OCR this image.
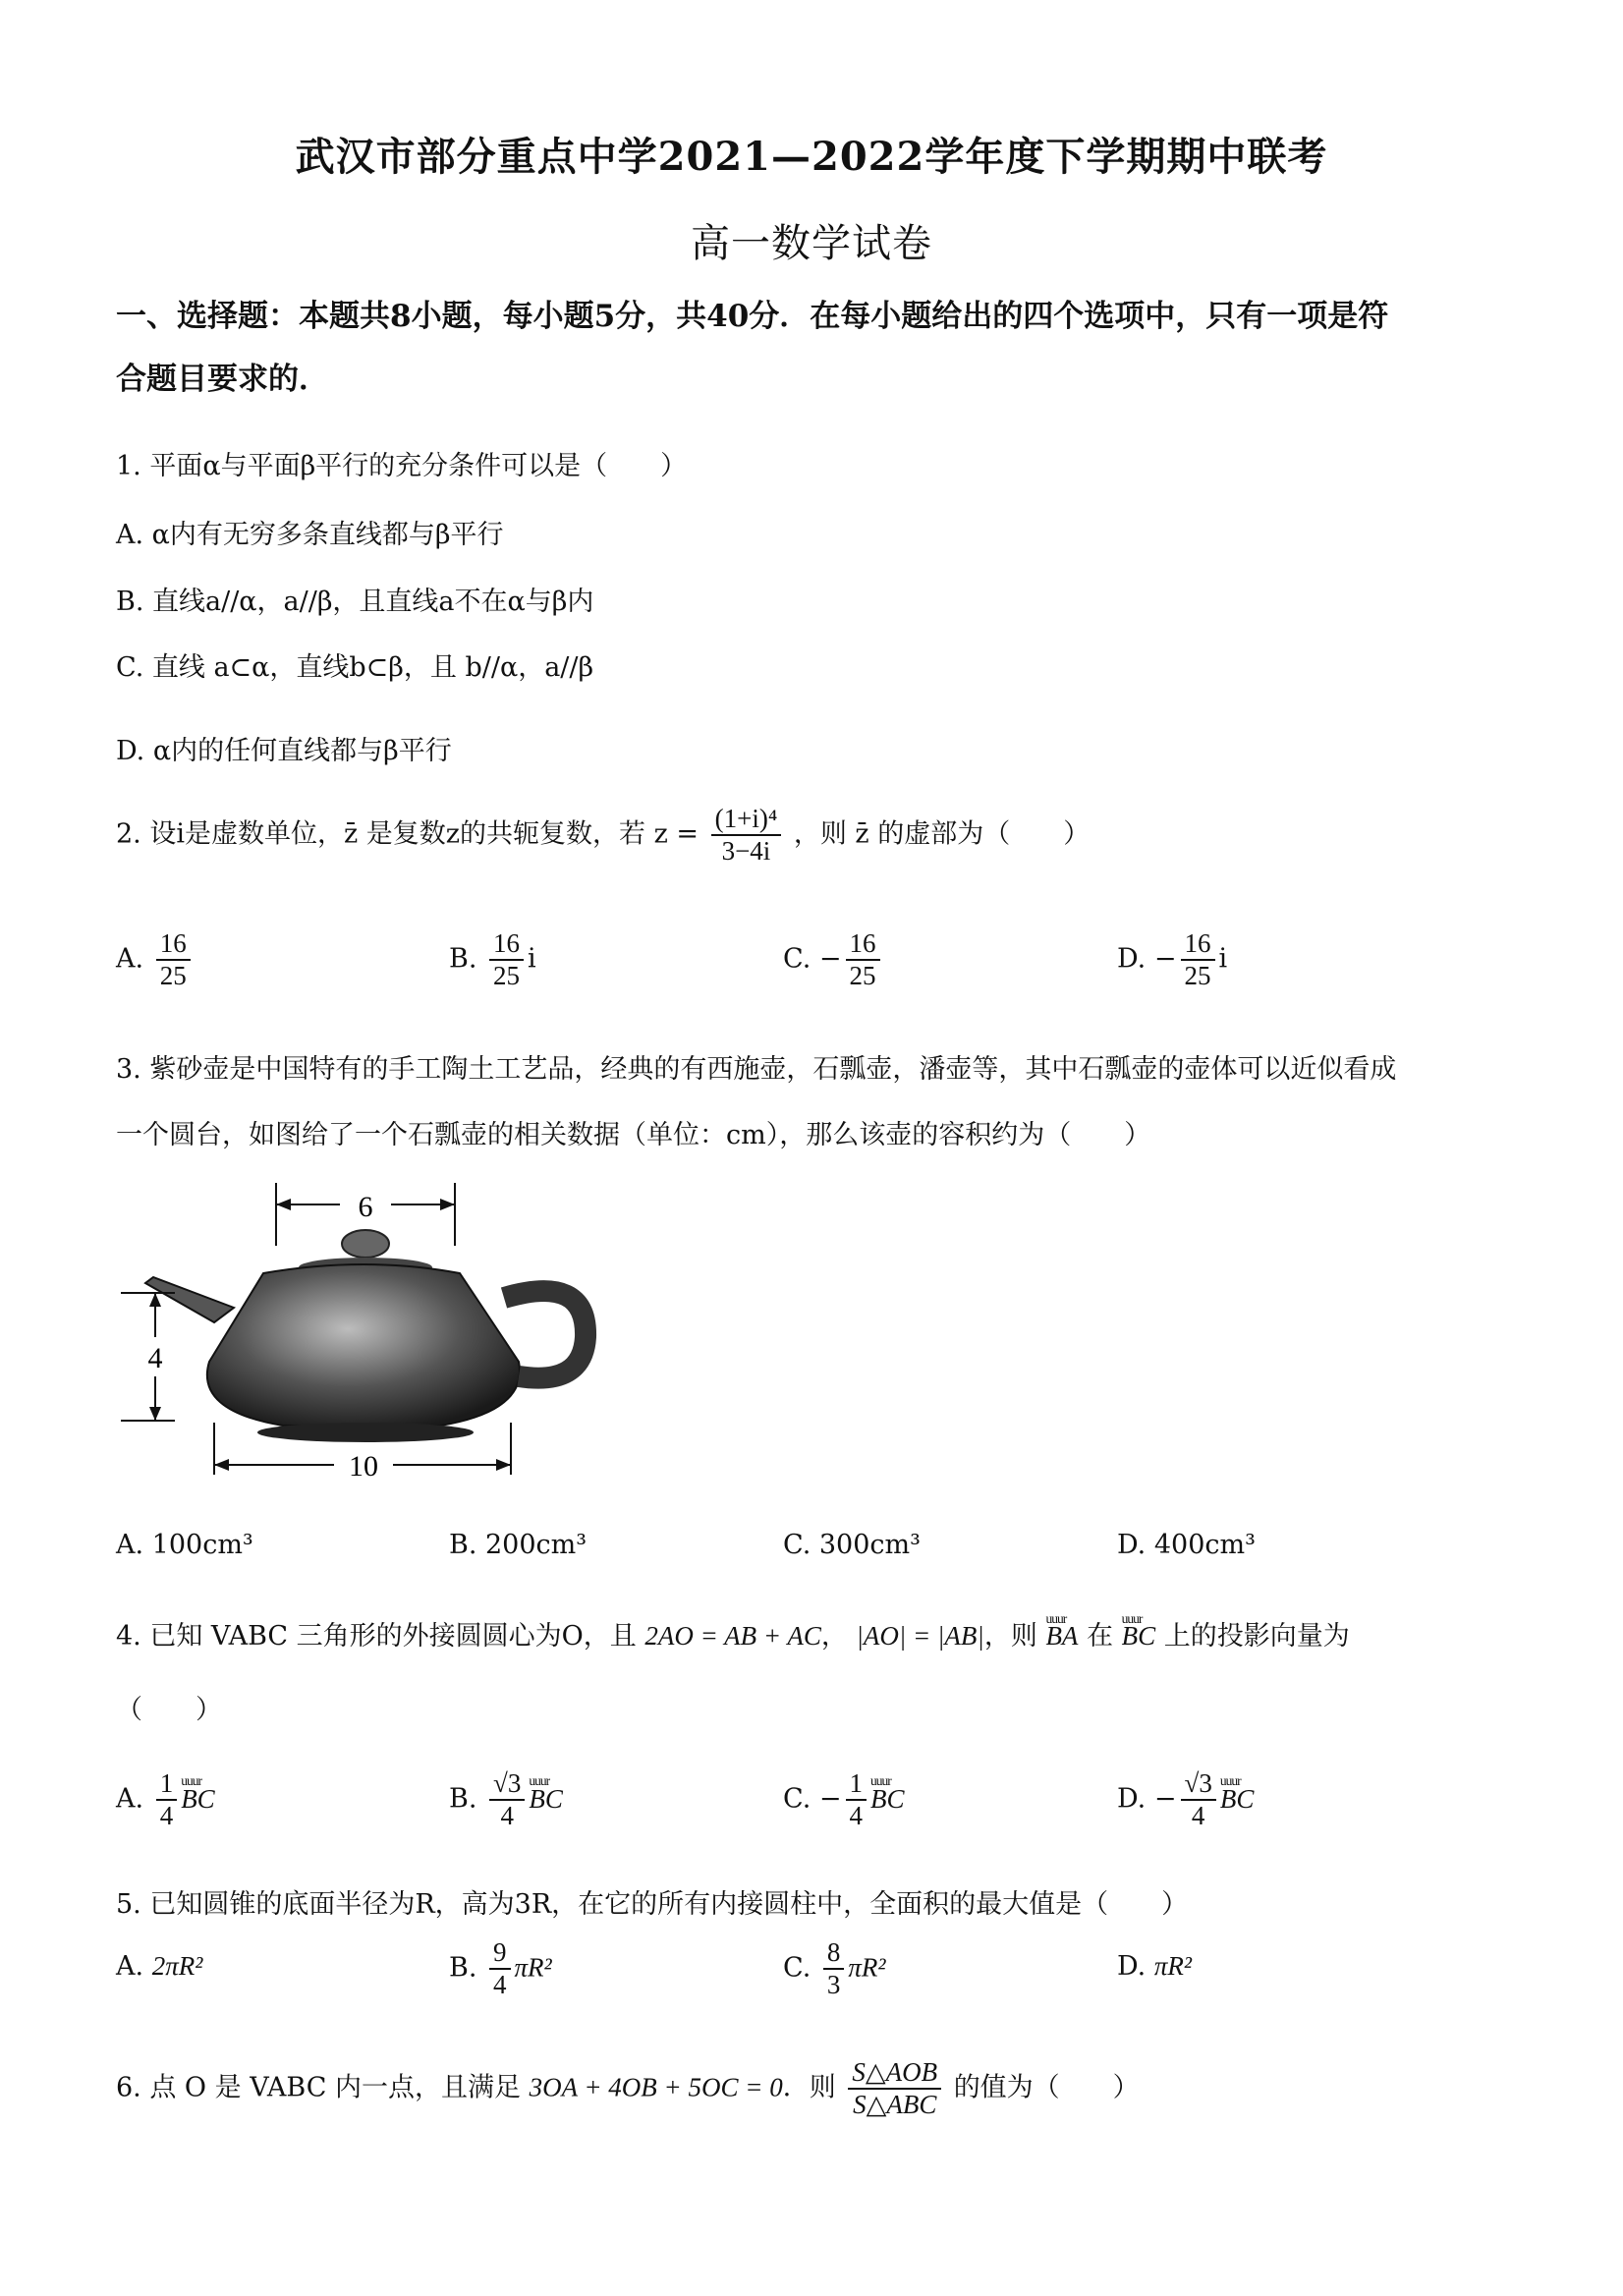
武汉市部分重点中学2021—2022学年度下学期期中联考
高一数学试卷
一、选择题：本题共8小题，每小题5分，共40分．在每小题给出的四个选项中，只有一项是符
合题目要求的．
1. 平面α与平面β平行的充分条件可以是（　　）
A. α内有无穷多条直线都与β平行
B. 直线a//α，a//β，且直线a不在α与β内
C. 直线 a⊂α，直线b⊂β，且 b//α，a//β
D. α内的任何直线都与β平行
2. 设i是虚数单位，z̄ 是复数z的共轭复数，若 $z = \frac{\text{(1+i)⁴}}{3-4i}$ ，则 z̄ 的虚部为（　　）
A. $\frac{16}{25}$	B. $\frac{16}{25}$ i	C. − $\frac{16}{25}$	D. − $\frac{16}{25}$ i
3. 紫砂壶是中国特有的手工陶土工艺品，经典的有西施壶，石瓢壶，潘壶等，其中石瓢壶的壶体可以近似看成
一个圆台，如图给了一个石瓢壶的相关数据（单位：cm），那么该壶的容积约为（　　）
6
4
10
A. 100cm³	B. 200cm³	C. 300cm³	D. 400cm³
4. 已知 VABC 三角形的外接圆圆心为O，且 2AO = AB + AC， |AO| = |AB|，则 uuur BA 在 uuur BC 上的投影向量为
（　　）
A. $\frac{1}{4}$ uuur BC	B. $\frac{√3}{4}$ uuur BC	C. − $\frac{1}{4}$ uuur BC	D. − $\frac{√3}{4}$ uuur BC
5. 已知圆锥的底面半径为R，高为3R，在它的所有内接圆柱中，全面积的最大值是（　　）
A. 2πR²	B. $\frac{9}{4} \pi R^2$	C. $\frac{8}{3} \pi R^2$	D. πR²
6. 点 O 是 VABC 内一点，且满足 3OA + 4OB + 5OC = 0．则 $\frac{\text{S△AOB}}{\text{S△ABC}}$ 的值为（　　）
